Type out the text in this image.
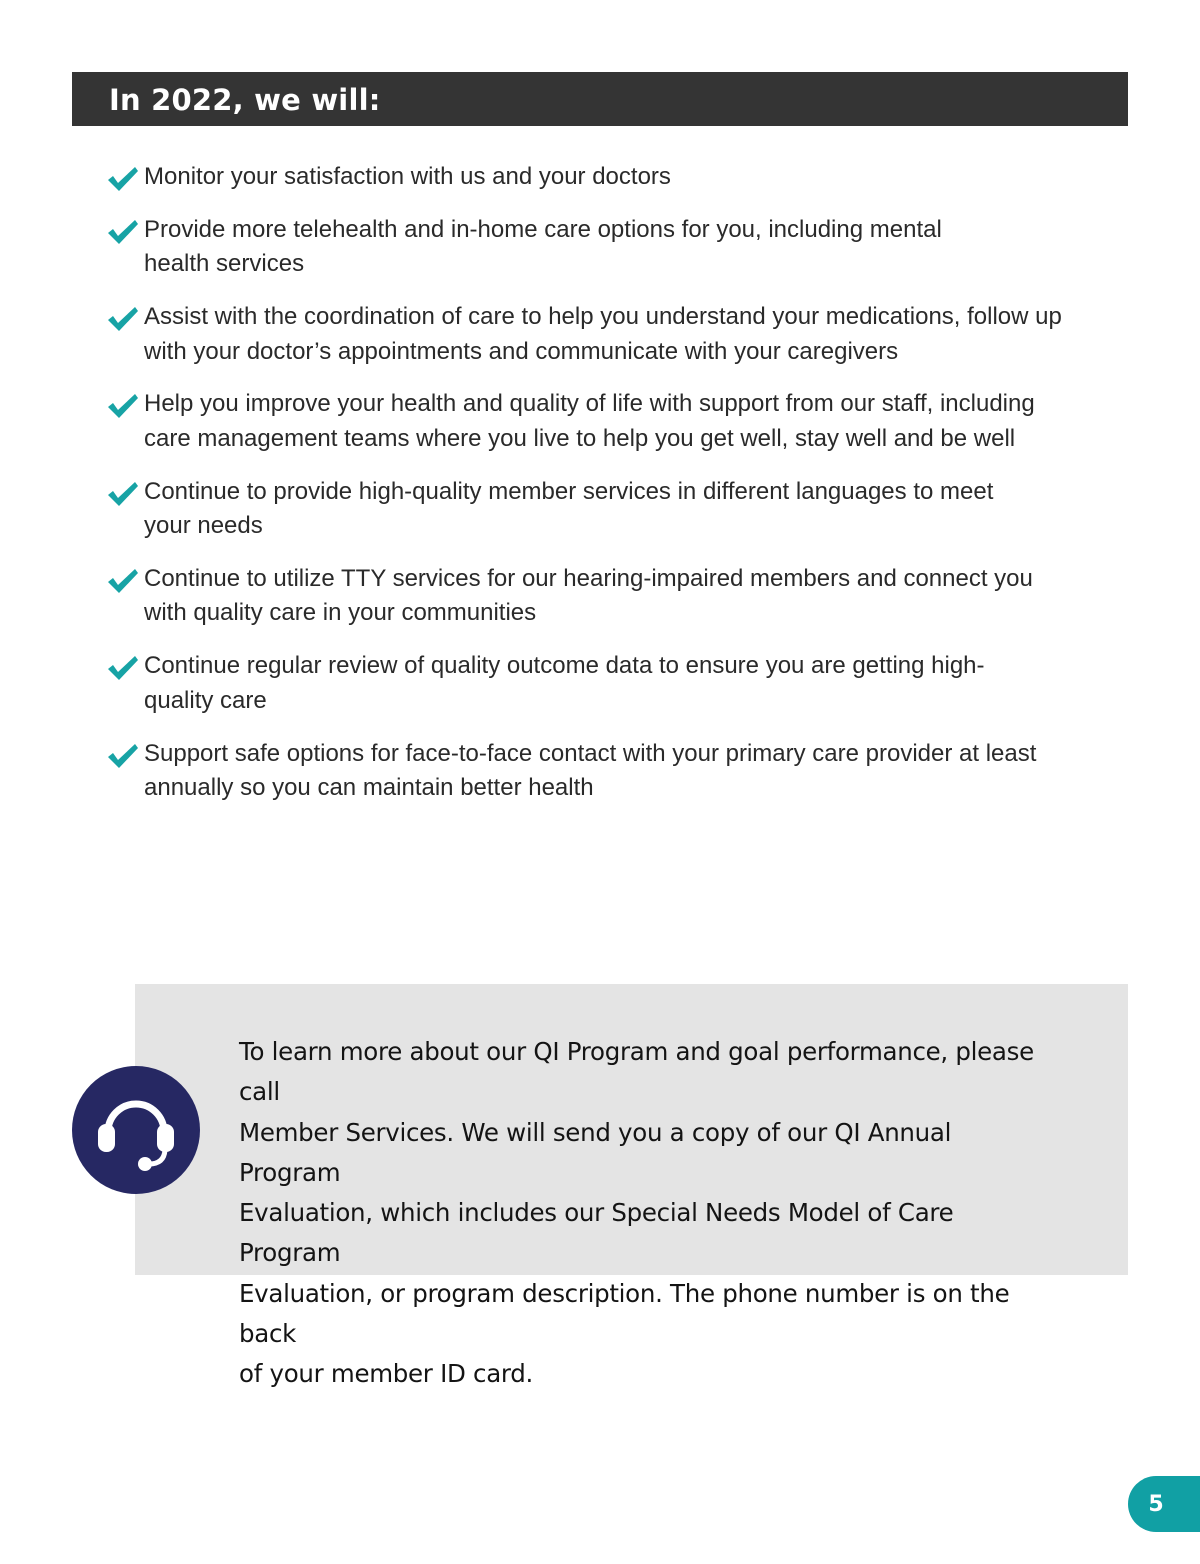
In 2022, we will:
Monitor your satisfaction with us and your doctors
Provide more telehealth and in-home care options for you, including mental
health services
Assist with the coordination of care to help you understand your medications, follow up
with your doctor’s appointments and communicate with your caregivers
Help you improve your health and quality of life with support from our staff, including
care management teams where you live to help you get well, stay well and be well
Continue to provide high-quality member services in different languages to meet
your needs
Continue to utilize TTY services for our hearing-impaired members and connect you
with quality care in your communities
Continue regular review of quality outcome data to ensure you are getting high-
quality care
Support safe options for face-to-face contact with your primary care provider at least
annually so you can maintain better health
To learn more about our QI Program and goal performance, please call
Member Services. We will send you a copy of our QI Annual Program
Evaluation, which includes our Special Needs Model of Care Program
Evaluation, or program description. The phone number is on the back
of your member ID card.
5
